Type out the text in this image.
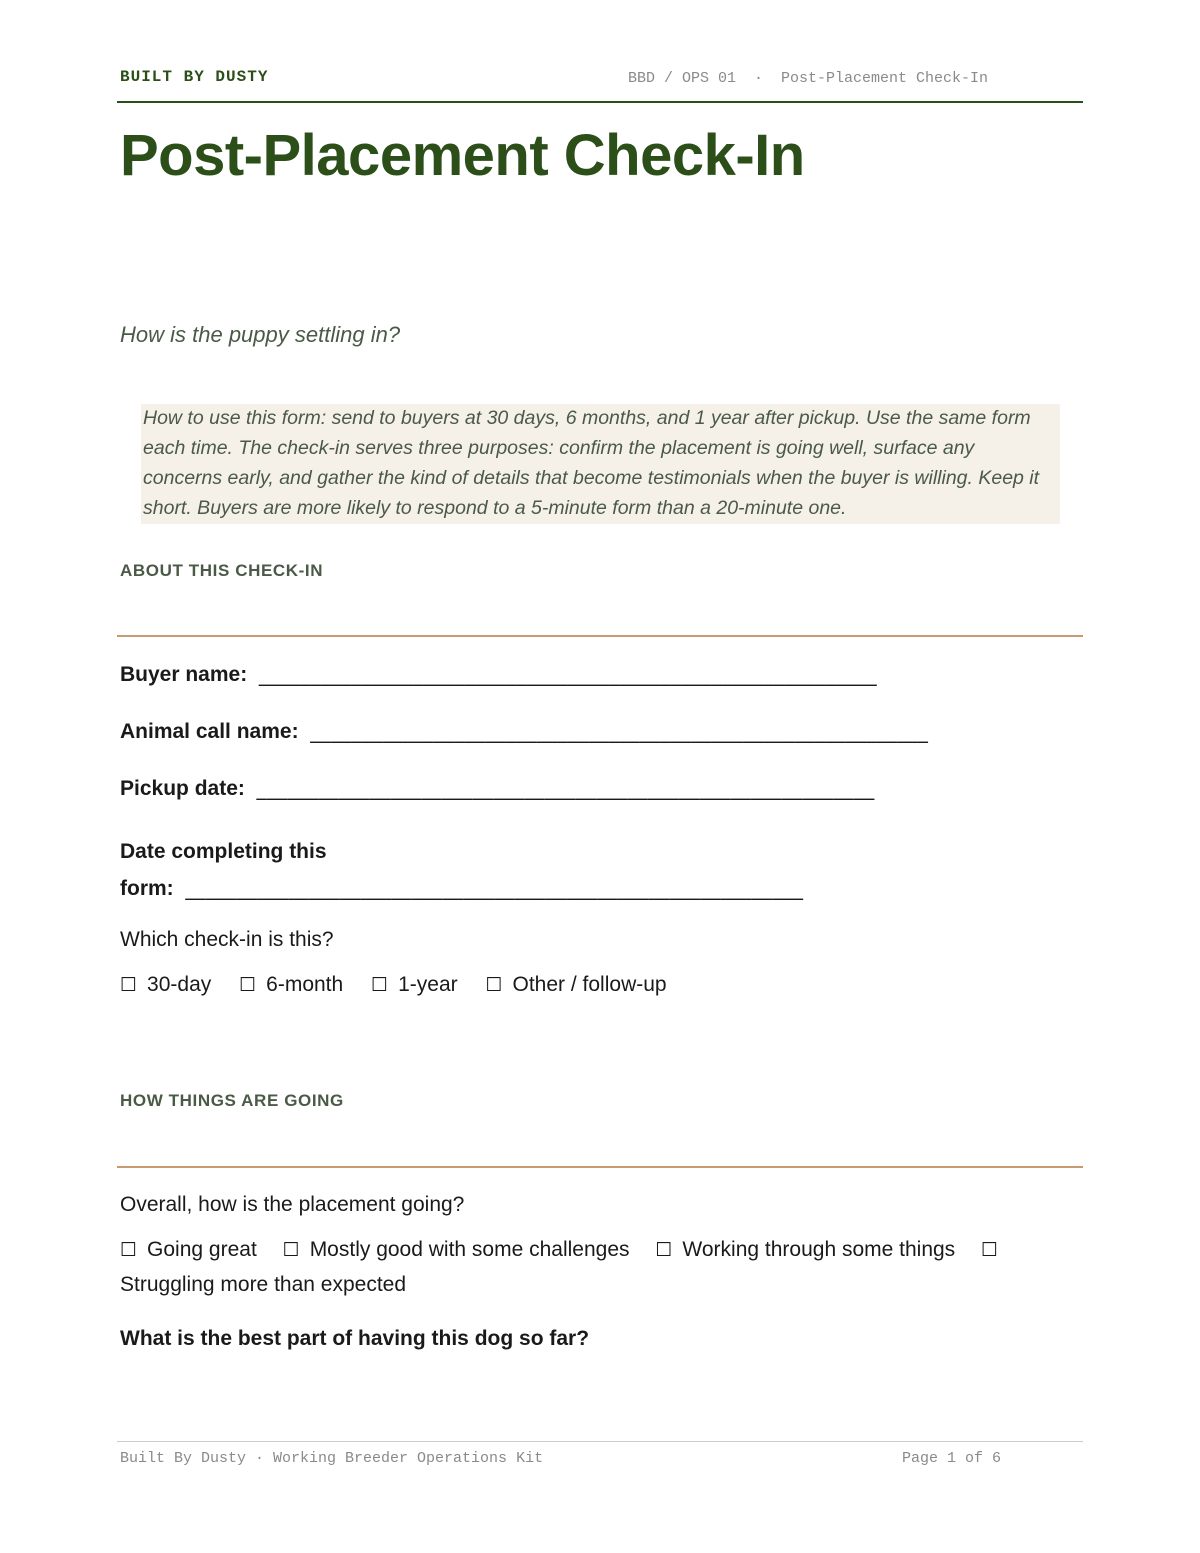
BUILT BY DUSTY	BBD / OPS 01  ·  Post-Placement Check-In
Post-Placement Check-In
How is the puppy settling in?
How to use this form: send to buyers at 30 days, 6 months, and 1 year after pickup. Use the same form each time. The check-in serves three purposes: confirm the placement is going well, surface any concerns early, and gather the kind of details that become testimonials when the buyer is willing. Keep it short. Buyers are more likely to respond to a 5-minute form than a 20-minute one.
ABOUT THIS CHECK-IN
Buyer name: ____________________________________________________________
Animal call name: ____________________________________________________________
Pickup date: ____________________________________________________________
Date completing this
form: ____________________________________________________________
Which check-in is this?
☐ 30-day ☐ 6-month ☐ 1-year ☐ Other / follow-up
HOW THINGS ARE GOING
Overall, how is the placement going?
☐ Going great ☐ Mostly good with some challenges ☐ Working through some things ☐
Struggling more than expected
What is the best part of having this dog so far?
Built By Dusty · Working Breeder Operations Kit	Page 1 of 6
